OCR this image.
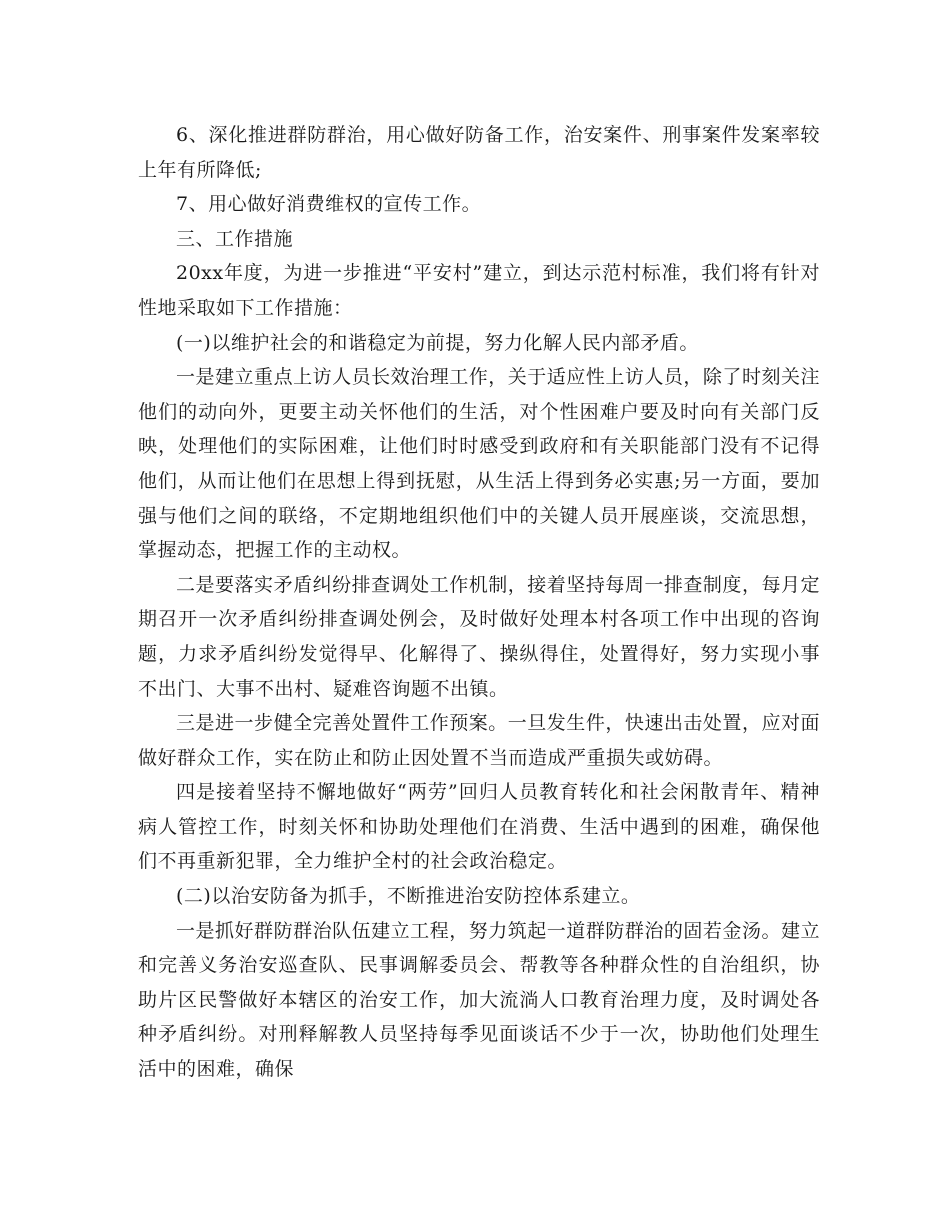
6、深化推进群防群治，用心做好防备工作，治安案件、刑事案件发案率较上年有所降低;

7、用心做好消费维权的宣传工作。

三、工作措施

20xx年度，为进一步推进“平安村”建立，到达示范村标准，我们将有针对性地采取如下工作措施：

(一)以维护社会的和谐稳定为前提，努力化解人民内部矛盾。

一是建立重点上访人员长效治理工作，关于适应性上访人员，除了时刻关注他们的动向外，更要主动关怀他们的生活，对个性困难户要及时向有关部门反映，处理他们的实际困难，让他们时时感受到政府和有关职能部门没有不记得他们，从而让他们在思想上得到抚慰，从生活上得到务必实惠;另一方面，要加强与他们之间的联络，不定期地组织他们中的关键人员开展座谈，交流思想，掌握动态，把握工作的主动权。

二是要落实矛盾纠纷排查调处工作机制，接着坚持每周一排查制度，每月定期召开一次矛盾纠纷排查调处例会，及时做好处理本村各项工作中出现的咨询题，力求矛盾纠纷发觉得早、化解得了、操纵得住，处置得好，努力实现小事不出门、大事不出村、疑难咨询题不出镇。

三是进一步健全完善处置件工作预案。一旦发生件，快速出击处置，应对面做好群众工作，实在防止和防止因处置不当而造成严重损失或妨碍。

四是接着坚持不懈地做好“两劳”回归人员教育转化和社会闲散青年、精神病人管控工作，时刻关怀和协助处理他们在消费、生活中遇到的困难，确保他们不再重新犯罪，全力维护全村的社会政治稳定。

(二)以治安防备为抓手，不断推进治安防控体系建立。

一是抓好群防群治队伍建立工程，努力筑起一道群防群治的固若金汤。建立和完善义务治安巡查队、民事调解委员会、帮教等各种群众性的自治组织，协助片区民警做好本辖区的治安工作，加大流淌人口教育治理力度，及时调处各种矛盾纠纷。对刑释解教人员坚持每季见面谈话不少于一次，协助他们处理生活中的困难，确保
